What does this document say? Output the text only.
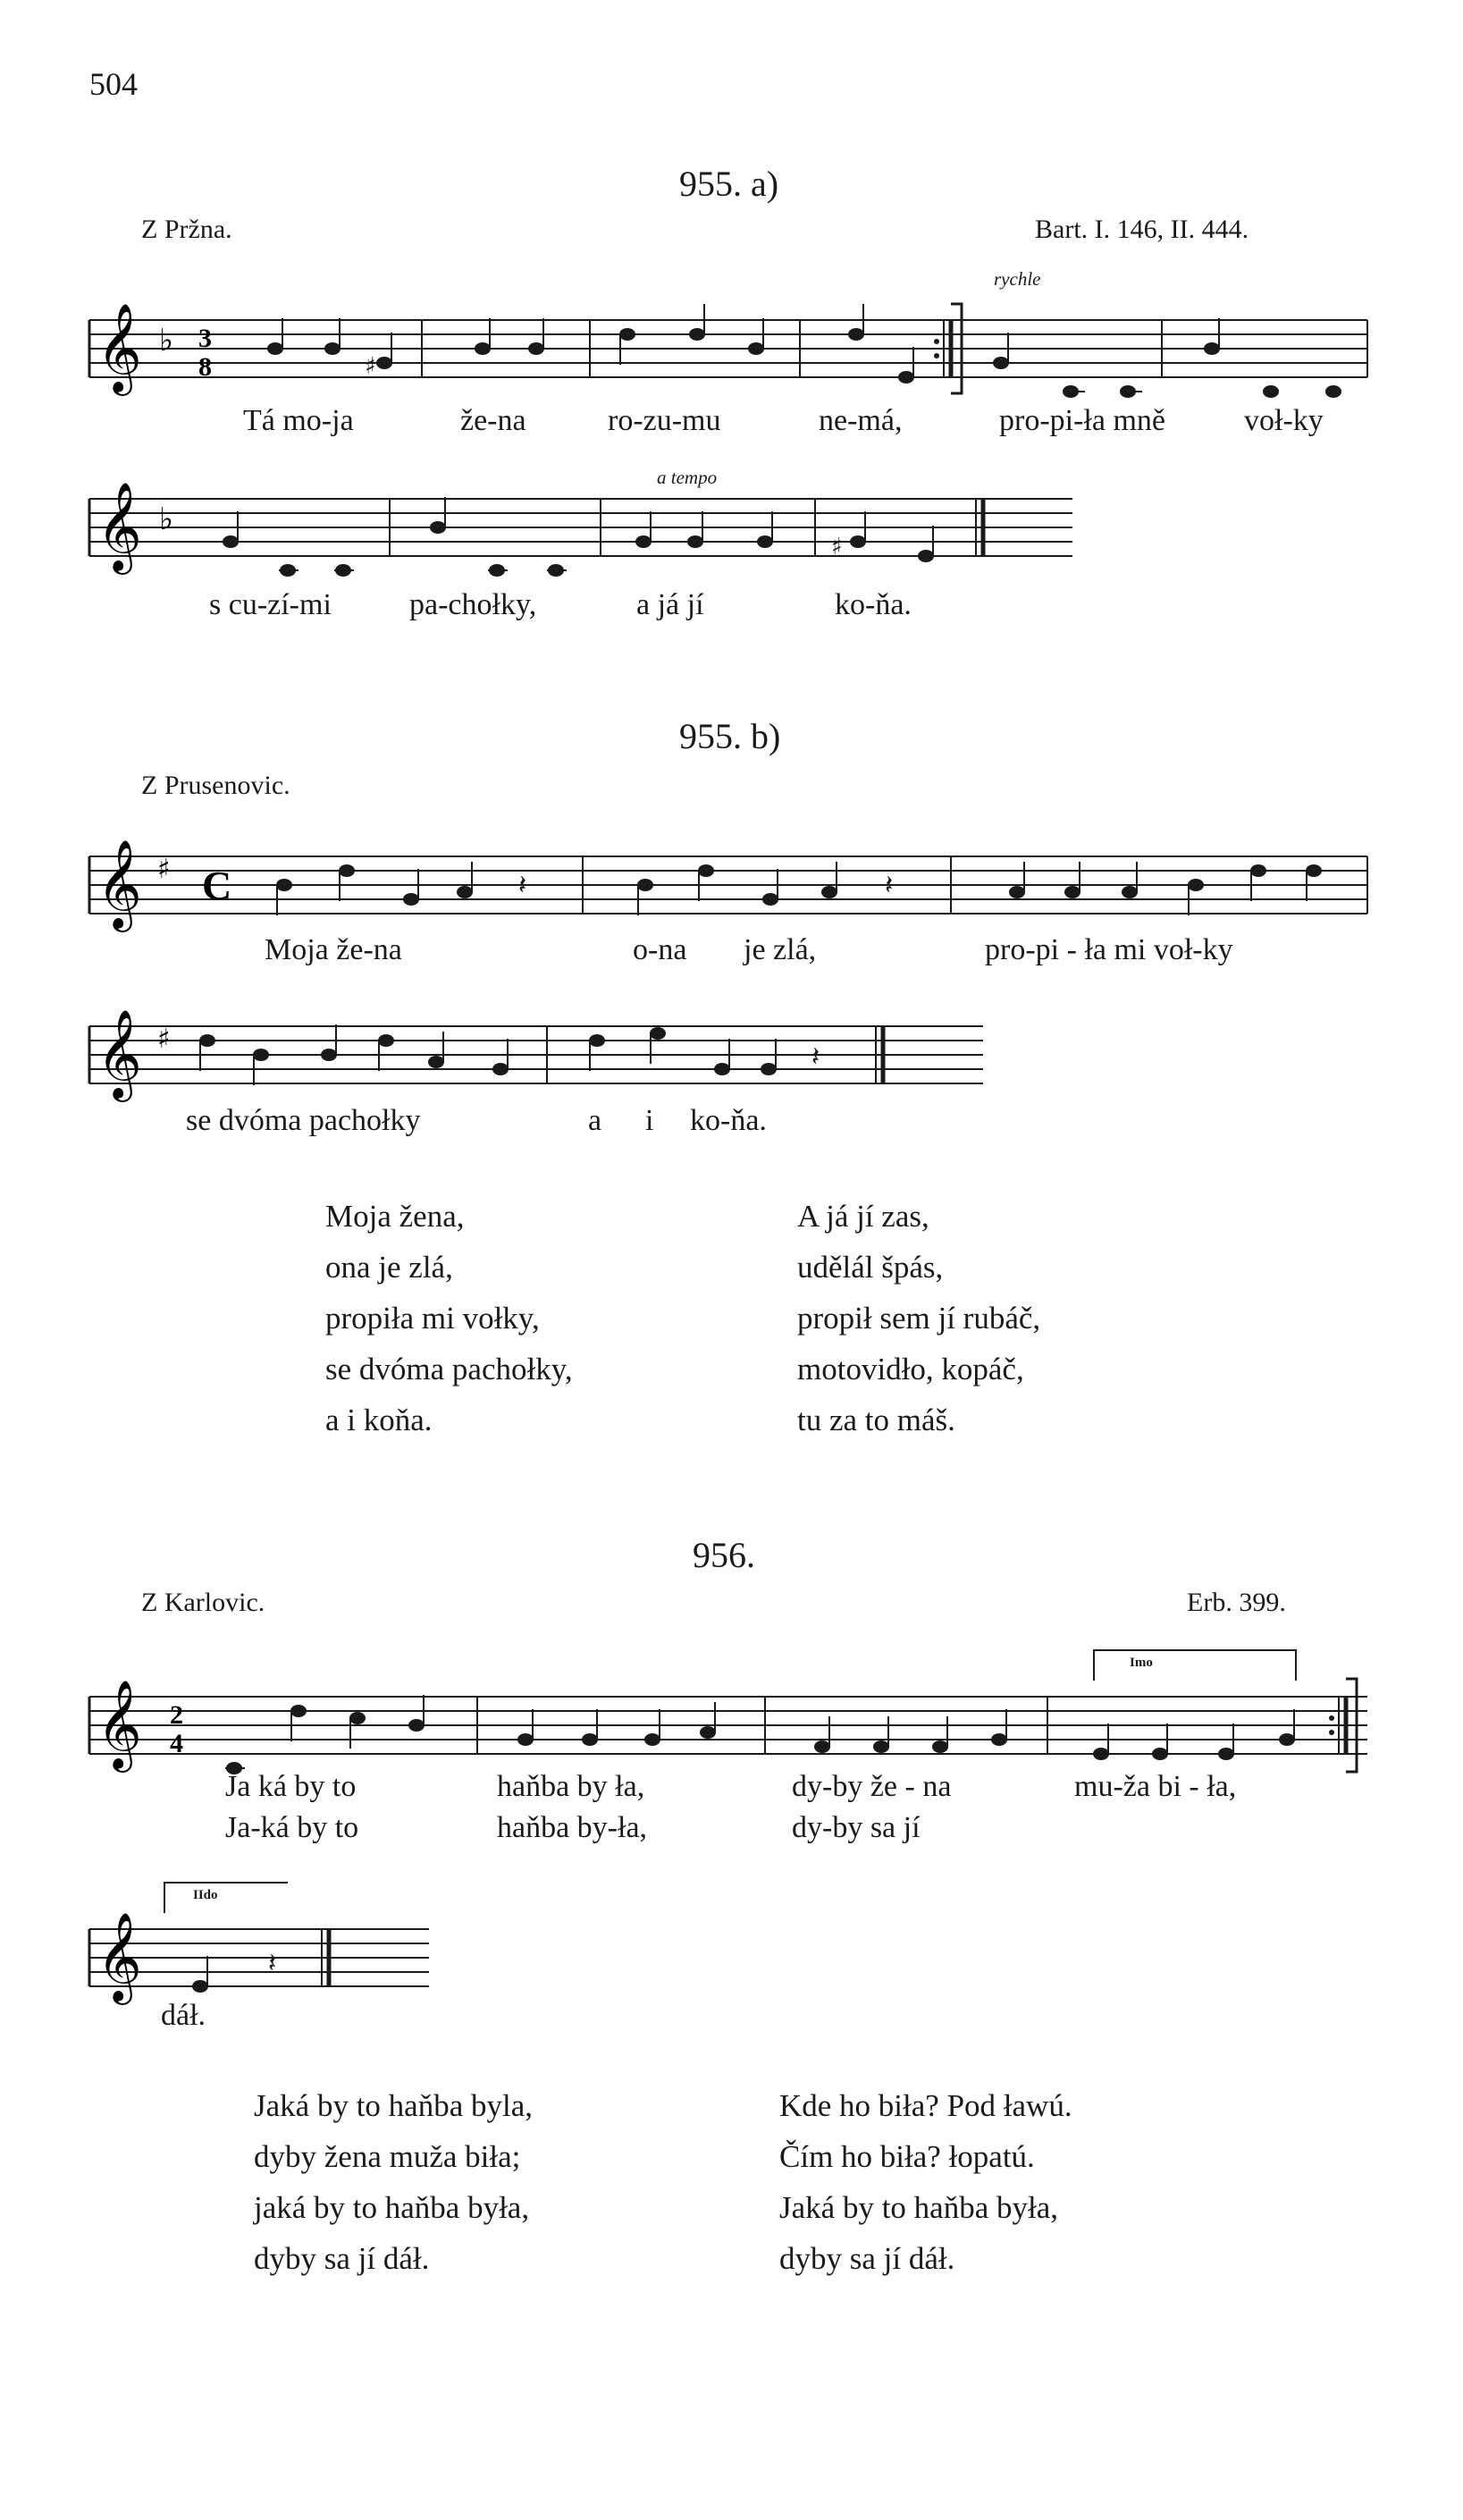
504
955. a)
Z Pržna.	Bart. I. 146, II. 444.
rychle
𝄞 ♭ 3
8	♯
𝄞 ♭
♯
𝄞 ♯ C	𝄽	𝄽
𝄞 ♯
𝄽
𝄞 2
4
𝄞	𝄽
Imo
IIdo
Tá mo-ja	že-na	ro-zu-mu	ne-má,	pro-pi-ła mně	voł-ky
a tempo
s cu-zí-mi	pa-chołky,	a já jí	ko-ňa.
955. b)
Z Prusenovic.
Moja že-na	o-na je zlá,	pro-pi - ła mi voł-ky
se dvóma pachołky	a i ko-ňa.
Moja žena,
ona je zlá,
propiła mi vołky,
se dvóma pachołky,
a i koňa.
A já jí zas,
udělál špás,
propił sem jí rubáč,
motovidło, kopáč,
tu za to máš.
956.
Z Karlovic.	Erb. 399.
Ja ká by to	haňba by ła,	dy-by že - na	mu-ža bi - ła,
Ja-ká by to	haňba by-ła,	dy-by sa jí
dáł.
Jaká by to haňba byla,
dyby žena muža biła;
jaká by to haňba była,
dyby sa jí dáł.
Kde ho biła? Pod ławú.
Čím ho biła? łopatú.
Jaká by to haňba była,
dyby sa jí dáł.
